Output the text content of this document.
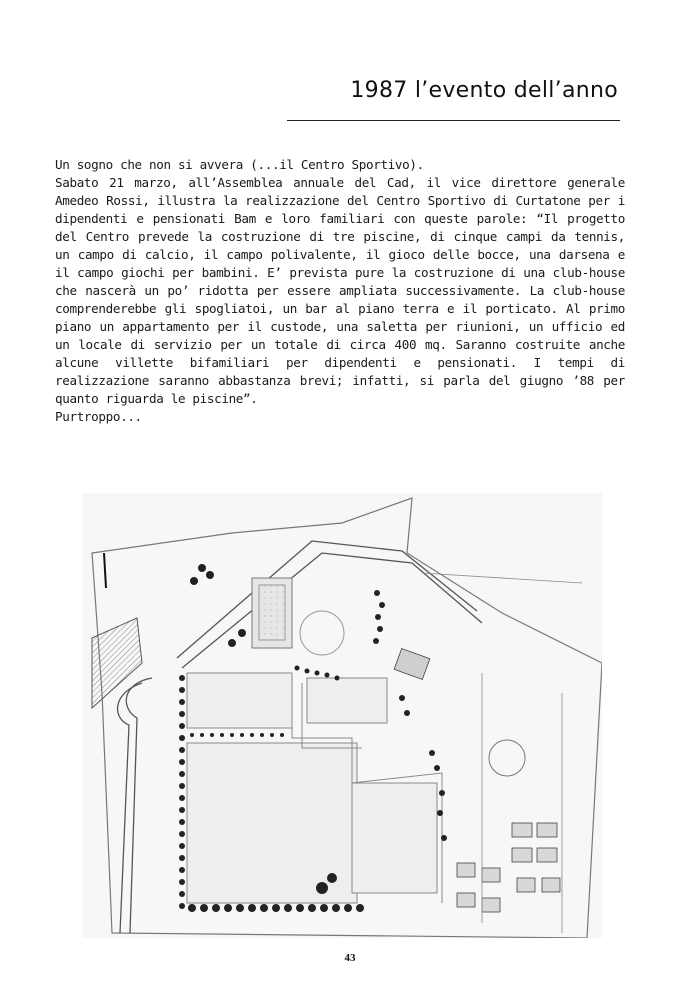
1987 l’evento dell’anno

Un sogno che non si avvera (...il Centro Sportivo).

Sabato 21 marzo, all’Assemblea annuale del Cad, il vice direttore generale Amedeo Rossi, illustra la realizzazione del Centro Sportivo di Curtatone per i dipendenti e pensionati Bam e loro familiari con queste parole: “Il progetto del Centro prevede la costruzione di tre piscine, di cinque campi da tennis, un campo di calcio, il campo polivalente, il gioco delle bocce, una darsena e il campo giochi per bambini. E’ prevista pure la costruzione di una club-house che nascerà un po’ ridotta per essere ampliata successivamente. La club-house comprenderebbe gli spogliatoi, un bar al piano terra e il porticato. Al primo piano un appartamento per il custode, una saletta per riunioni, un ufficio ed un locale di servizio per un totale di circa 400 mq. Saranno costruite anche alcune villette bifamiliari per dipendenti e pensionati. I tempi di realizzazione saranno abbastanza brevi; infatti, si parla del giugno ’88 per quanto riguarda le piscine”.

Purtroppo...

43
